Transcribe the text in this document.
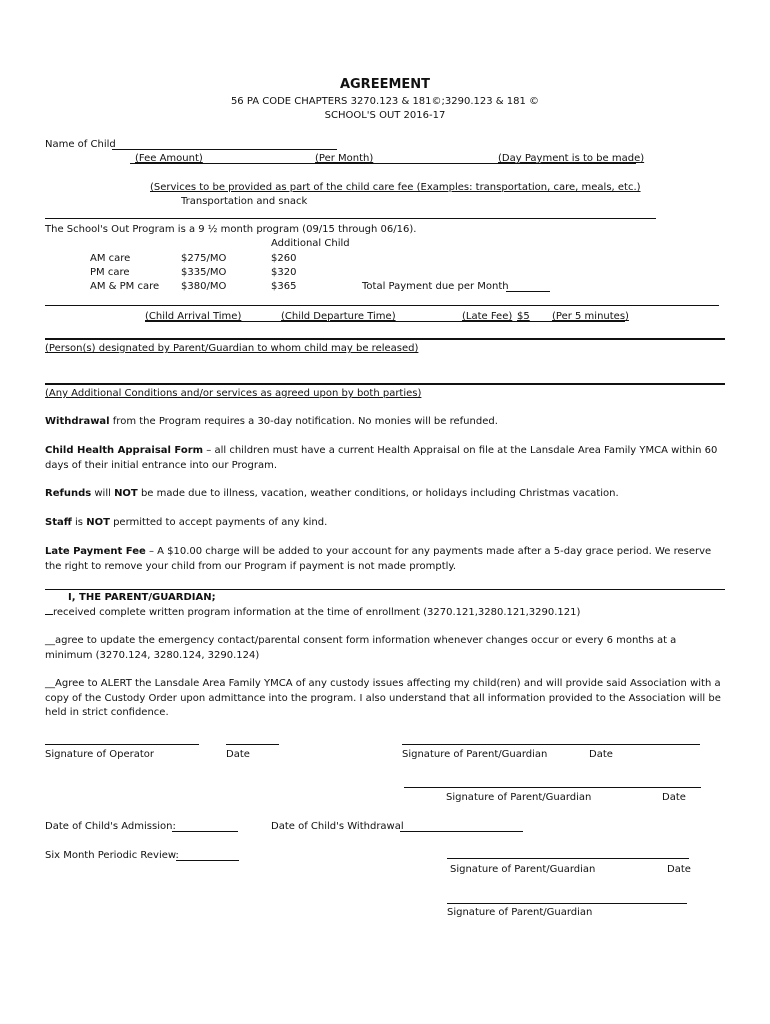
AGREEMENT
56 PA CODE CHAPTERS 3270.123 & 181©;3290.123 & 181 ©
SCHOOL'S OUT 2016-17
Name of Child
(Fee Amount)	(Per Month)	(Day Payment is to be made)
(Services to be provided as part of the child care fee (Examples: transportation, care, meals, etc.)
Transportation and snack
The School's Out Program is a 9 ½ month program (09/15 through 06/16).
Additional Child
AM care	$275/MO	$260
PM care	$335/MO	$320
AM & PM care $380/MO	$365	Total Payment due per Month
(Child Arrival Time)	(Child Departure Time)	(Late Fee) $5 (Per 5 minutes)
(Person(s) designated by Parent/Guardian to whom child may be released)
(Any Additional Conditions and/or services as agreed upon by both parties)
Withdrawal from the Program requires a 30-day notification. No monies will be refunded.
Child Health Appraisal Form – all children must have a current Health Appraisal on file at the Lansdale Area Family YMCA within 60 days of their initial entrance into our Program.
Refunds will NOT be made due to illness, vacation, weather conditions, or holidays including Christmas vacation.
Staff is NOT permitted to accept payments of any kind.
Late Payment Fee – A $10.00 charge will be added to your account for any payments made after a 5-day grace period. We reserve the right to remove your child from our Program if payment is not made promptly.
I, THE PARENT/GUARDIAN;
received complete written program information at the time of enrollment (3270.121,3280.121,3290.121)
__agree to update the emergency contact/parental consent form information whenever changes occur or every 6 months at a minimum (3270.124, 3280.124, 3290.124)
__Agree to ALERT the Lansdale Area Family YMCA of any custody issues affecting my child(ren) and will provide said Association with a copy of the Custody Order upon admittance into the program. I also understand that all information provided to the Association will be held in strict confidence.
Signature of Operator	Date	Signature of Parent/Guardian	Date
Signature of Parent/Guardian	Date
Date of Child's Admission:	Date of Child's Withdrawal
Six Month Periodic Review:
Signature of Parent/Guardian	Date
Signature of Parent/Guardian
